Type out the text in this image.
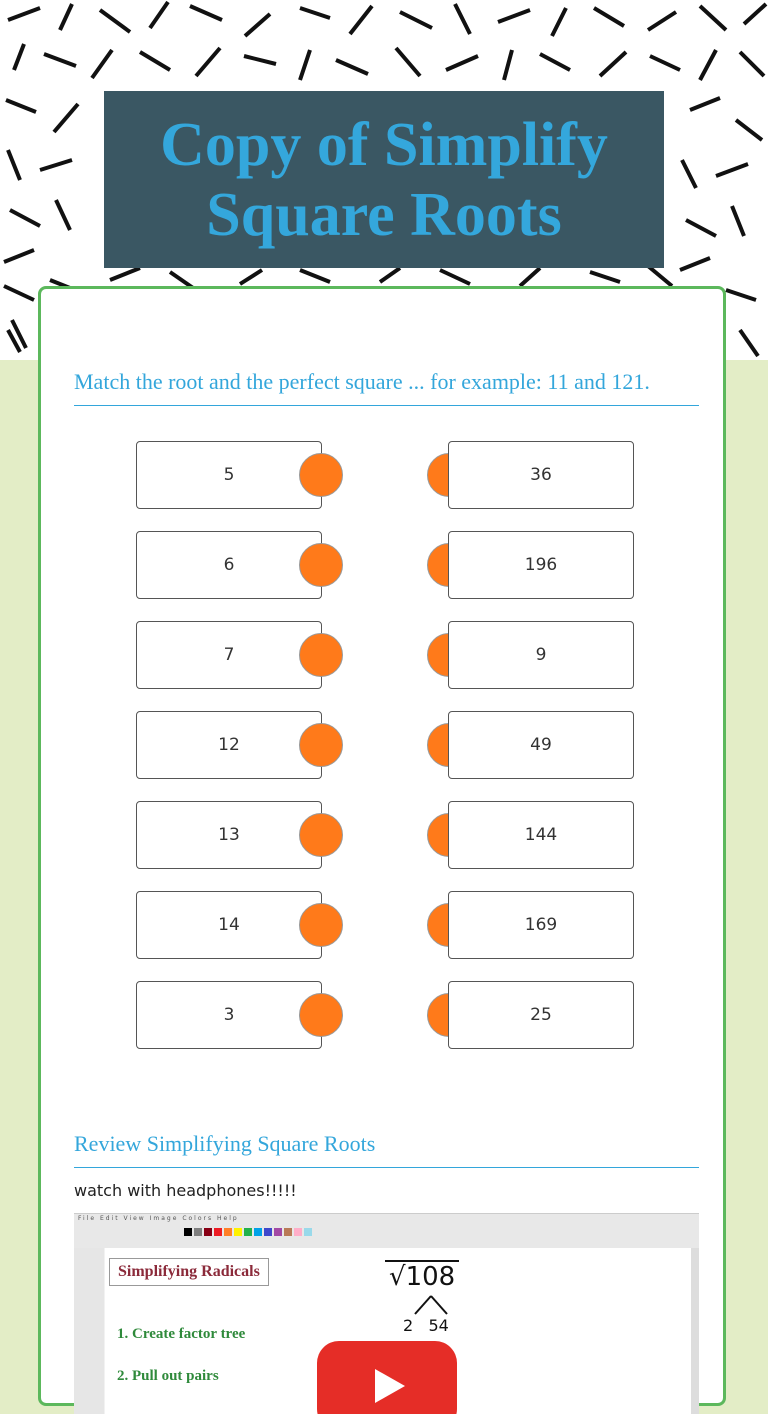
Copy of Simplify Square Roots
Match the root and the perfect square ... for example: 11 and 121.
5	36
6	196
7	9
12	49
13	144
14	169
3	25
Review Simplifying Square Roots
watch with headphones!!!!!
File Edit View Image Colors Help
Simplifying Radicals
1. Create factor tree
2. Pull out pairs
√108
2   54
